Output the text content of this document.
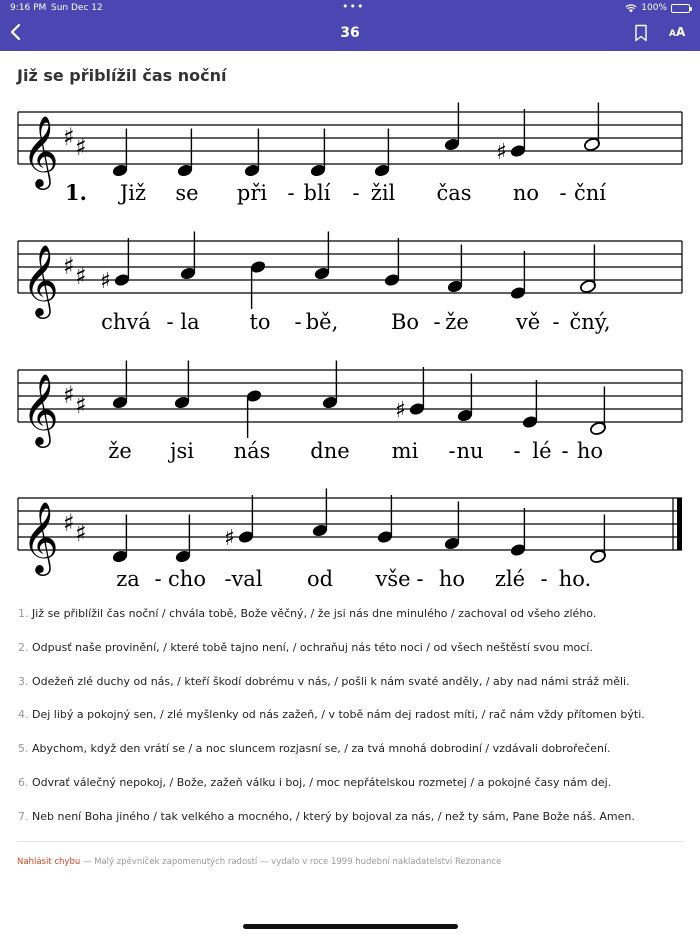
9:16 PM Sun Dec 12	•••	100%
36	AA
Již se přiblížil čas noční
𝄞 ♯ ♯	♯
𝄞 ♯ ♯ ♯
𝄞 ♯ ♯	♯
𝄞 ♯ ♯	♯
1. Již se při - blí - žil čas no - ční
chvá - la to - bě,	Bo - že vě - čný,
že jsi nás dne mi - nu - lé - ho
za - cho - val od vše - ho zlé - ho.
1. Již se přiblížil čas noční / chvála tobě, Bože věčný, / že jsi nás dne minulého / zachoval od všeho zlého.
2. Odpusť naše provinění, / které tobě tajno není, / ochraňuj nás této noci / od všech neštěstí svou mocí.
3. Odežeň zlé duchy od nás, / kteří škodí dobrému v nás, / pošli k nám svaté anděly, / aby nad námi stráž měli.
4. Dej libý a pokojný sen, / zlé myšlenky od nás zažeň, / v tobě nám dej radost míti, / rač nám vždy přítomen býti.
5. Abychom, když den vrátí se / a noc sluncem rozjasní se, / za tvá mnohá dobrodiní / vzdávali dobrořečení.
6. Odvrať válečný nepokoj, / Bože, zažeň válku i boj, / moc nepřátelskou rozmetej / a pokojné časy nám dej.
7. Neb není Boha jiného / tak velkého a mocného, / který by bojoval za nás, / než ty sám, Pane Bože náš. Amen.
Nahlásit chybu — Malý zpěvníček zapomenutých radostí — vydalo v roce 1999 hudební nakladatelství Rezonance
